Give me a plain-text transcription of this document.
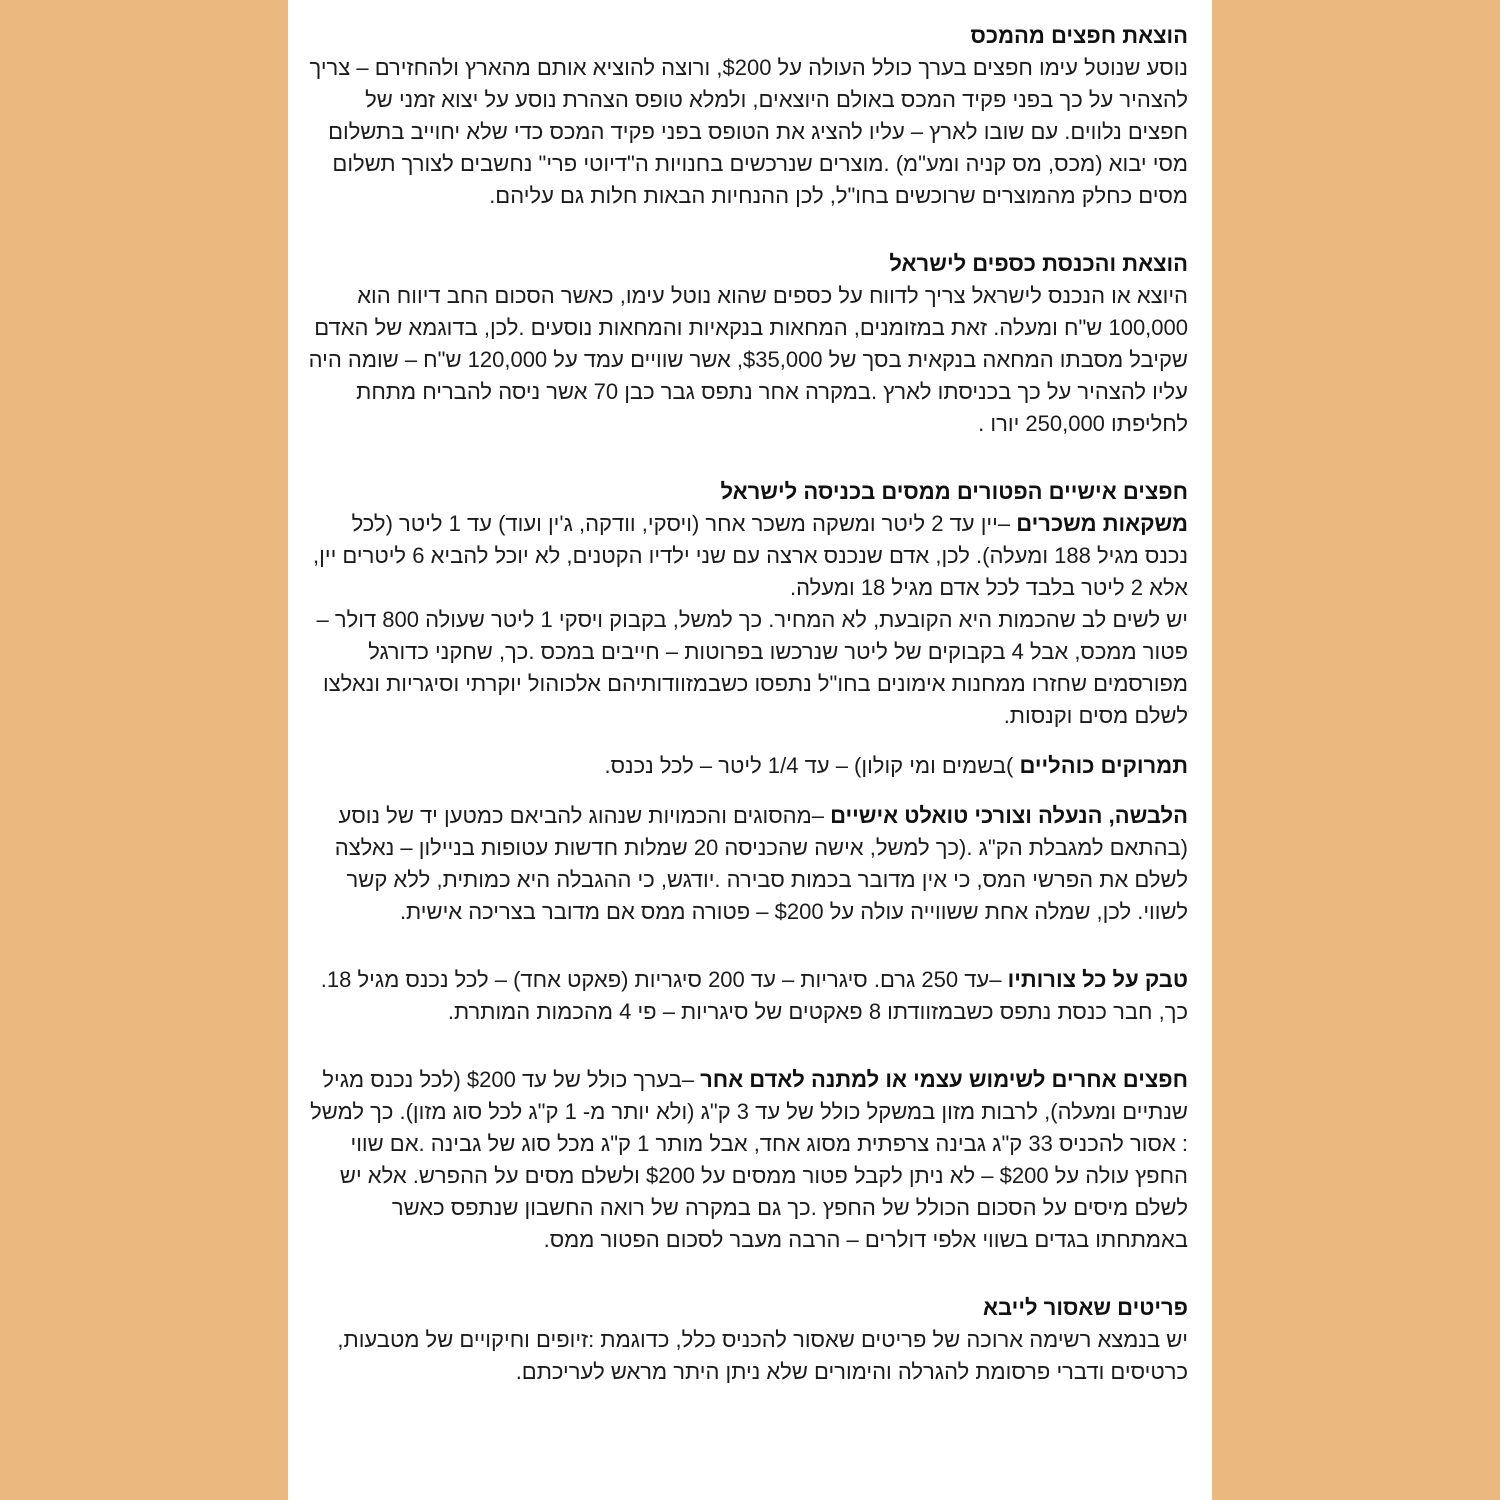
הוצאת חפצים מהמכס

נוסע שנוטל עימו חפצים בערך כולל העולה על $200, ורוצה להוציא אותם מהארץ ולהחזירם – צריך להצהיר על כך בפני פקיד המכס באולם היוצאים, ולמלא טופס הצהרת נוסע על יצוא זמני של חפצים נלווים. עם שובו לארץ – עליו להציג את הטופס בפני פקיד המכס כדי שלא יחוייב בתשלום מסי יבוא (מכס, מס קניה ומע"מ) .מוצרים שנרכשים בחנויות ה"דיוטי פרי" נחשבים לצורך תשלום מסים כחלק מהמוצרים שרוכשים בחו"ל, לכן ההנחיות הבאות חלות גם עליהם.

הוצאת והכנסת כספים לישראל

היוצא או הנכנס לישראל צריך לדווח על כספים שהוא נוטל עימו, כאשר הסכום החב דיווח הוא 100,000 ש"ח ומעלה. זאת במזומנים, המחאות בנקאיות והמחאות נוסעים .לכן, בדוגמא של האדם שקיבל מסבתו המחאה בנקאית בסך של $35,000, אשר שוויים עמד על 120,000 ש"ח – שומה היה עליו להצהיר על כך בכניסתו לארץ .במקרה אחר נתפס גבר כבן 70 אשר ניסה להבריח מתחת לחליפתו 250,000 יורו .

חפצים אישיים הפטורים ממסים בכניסה לישראל

משקאות משכרים –יין עד 2 ליטר ומשקה משכר אחר (ויסקי, וודקה, ג'ין ועוד) עד 1 ליטר (לכל נכנס מגיל 188 ומעלה). לכן, אדם שנכנס ארצה עם שני ילדיו הקטנים, לא יוכל להביא 6 ליטרים יין, אלא 2 ליטר בלבד לכל אדם מגיל 18 ומעלה.

יש לשים לב שהכמות היא הקובעת, לא המחיר. כך למשל, בקבוק ויסקי 1 ליטר שעולה 800 דולר – פטור ממכס, אבל 4 בקבוקים של ליטר שנרכשו בפרוטות – חייבים במכס .כך, שחקני כדורגל מפורסמים שחזרו ממחנות אימונים בחו"ל נתפסו כשבמזוודותיהם אלכוהול יוקרתי וסיגריות ונאלצו לשלם מסים וקנסות.

תמרוקים כוהליים )בשמים ומי קולון) – עד 1/4 ליטר – לכל נכנס.

הלבשה, הנעלה וצורכי טואלט אישיים –מהסוגים והכמויות שנהוג להביאם כמטען יד של נוסע (בהתאם למגבלת הק"ג .(כך למשל, אישה שהכניסה 20 שמלות חדשות עטופות בניילון – נאלצה לשלם את הפרשי המס, כי אין מדובר בכמות סבירה .יודגש, כי ההגבלה היא כמותית, ללא קשר לשווי. לכן, שמלה אחת ששווייה עולה על $200 – פטורה ממס אם מדובר בצריכה אישית.

טבק על כל צורותיו –עד 250 גרם. סיגריות – עד 200 סיגריות (פאקט אחד) – לכל נכנס מגיל 18. כך, חבר כנסת נתפס כשבמזוודתו 8 פאקטים של סיגריות – פי 4 מהכמות המותרת.

חפצים אחרים לשימוש עצמי או למתנה לאדם אחר –בערך כולל של עד $200 (לכל נכנס מגיל שנתיים ומעלה), לרבות מזון במשקל כולל של עד 3 ק"ג (ולא יותר מ- 1 ק"ג לכל סוג מזון). כך למשל : אסור להכניס 33 ק"ג גבינה צרפתית מסוג אחד, אבל מותר 1 ק"ג מכל סוג של גבינה .אם שווי החפץ עולה על $200 – לא ניתן לקבל פטור ממסים על $200 ולשלם מסים על ההפרש. אלא יש לשלם מיסים על הסכום הכולל של החפץ .כך גם במקרה של רואה החשבון שנתפס כאשר באמתחתו בגדים בשווי אלפי דולרים – הרבה מעבר לסכום הפטור ממס.

פריטים שאסור לייבא

יש בנמצא רשימה ארוכה של פריטים שאסור להכניס כלל, כדוגמת :זיופים וחיקויים של מטבעות, כרטיסים ודברי פרסומת להגרלה והימורים שלא ניתן היתר מראש לעריכתם.
